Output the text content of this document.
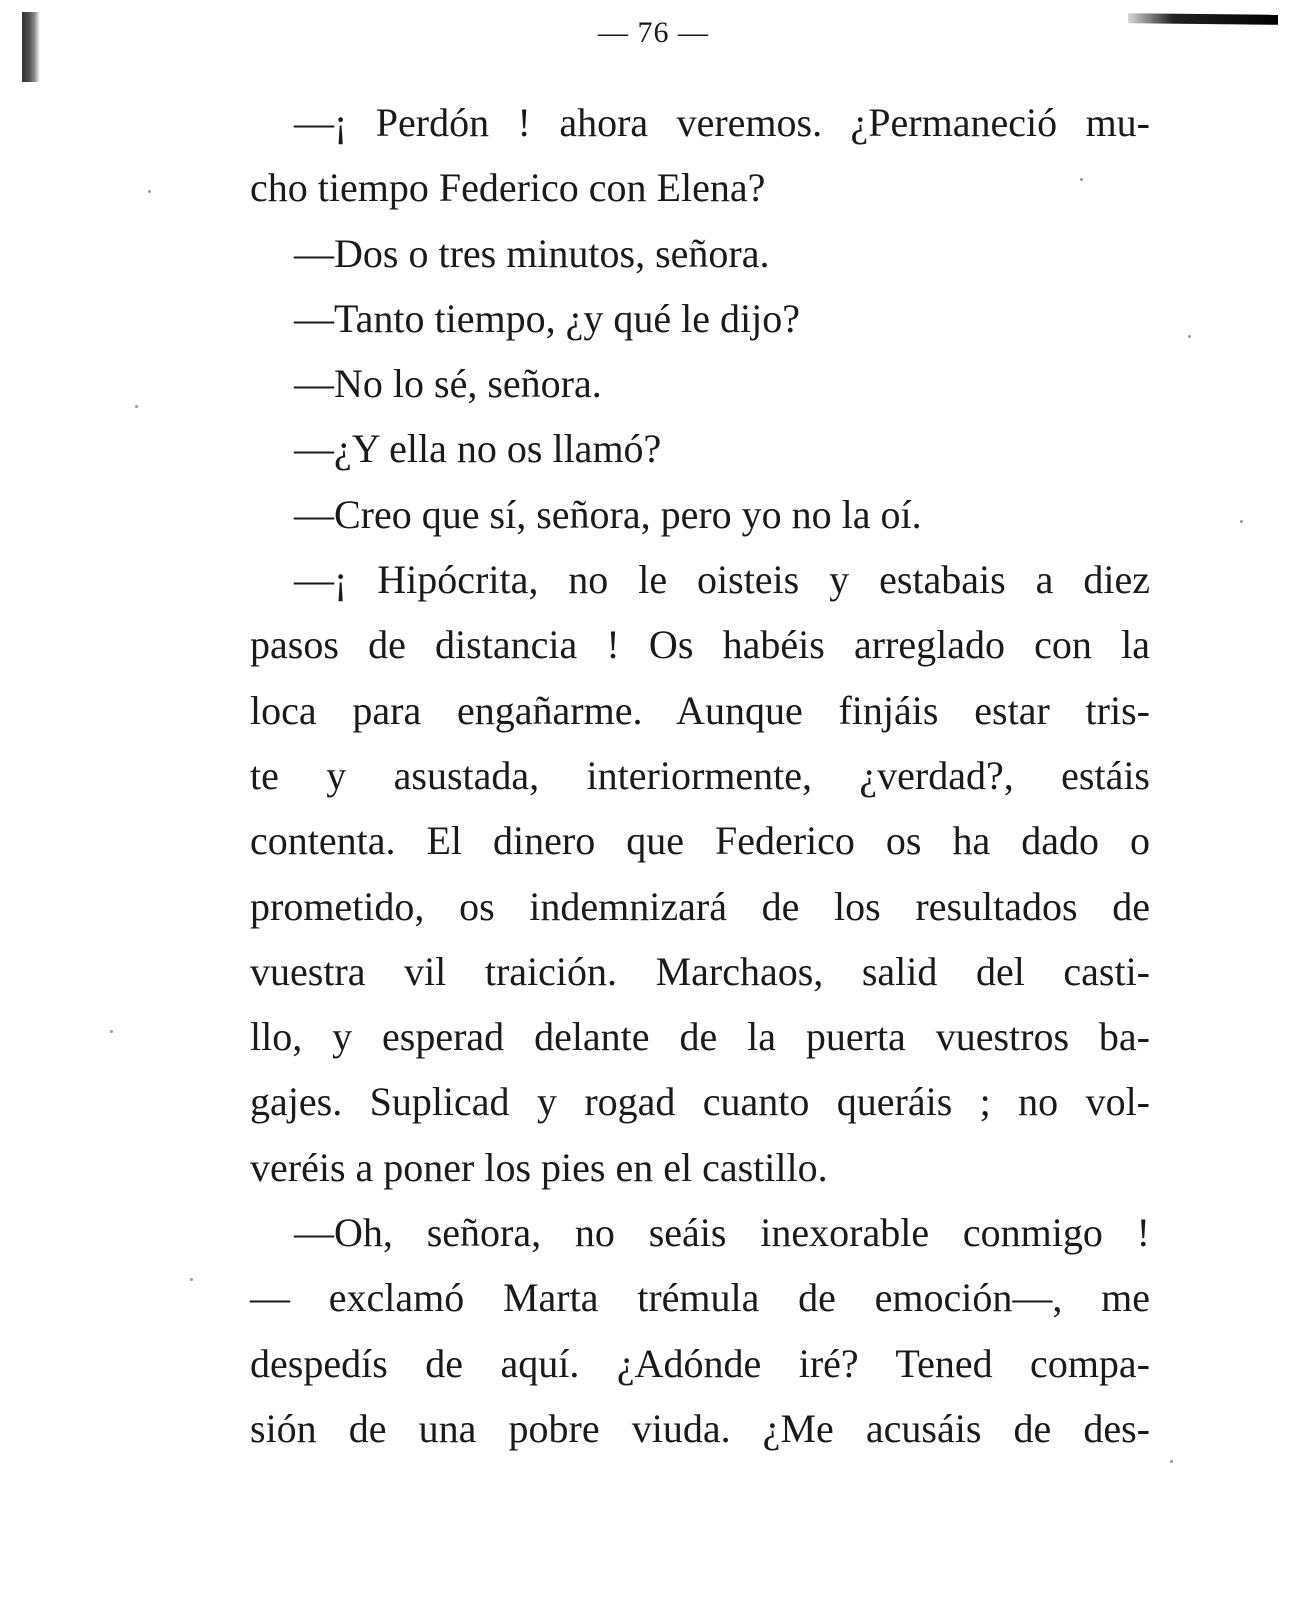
— 76 —
—¡ Perdón ! ahora veremos. ¿Permaneció mu-
cho tiempo Federico con Elena?
—Dos o tres minutos, señora.
—Tanto tiempo, ¿y qué le dijo?
—No lo sé, señora.
—¿Y ella no os llamó?
—Creo que sí, señora, pero yo no la oí.
—¡ Hipócrita, no le oisteis y estabais a diez
pasos de distancia ! Os habéis arreglado con la
loca para engañarme. Aunque finjáis estar tris-
te y asustada, interiormente, ¿verdad?, estáis
contenta. El dinero que Federico os ha dado o
prometido, os indemnizará de los resultados de
vuestra vil traición. Marchaos, salid del casti-
llo, y esperad delante de la puerta vuestros ba-
gajes. Suplicad y rogad cuanto queráis ; no vol-
veréis a poner los pies en el castillo.
—Oh, señora, no seáis inexorable conmigo !
— exclamó Marta trémula de emoción—, me
despedís de aquí. ¿Adónde iré? Tened compa-
sión de una pobre viuda. ¿Me acusáis de des-
